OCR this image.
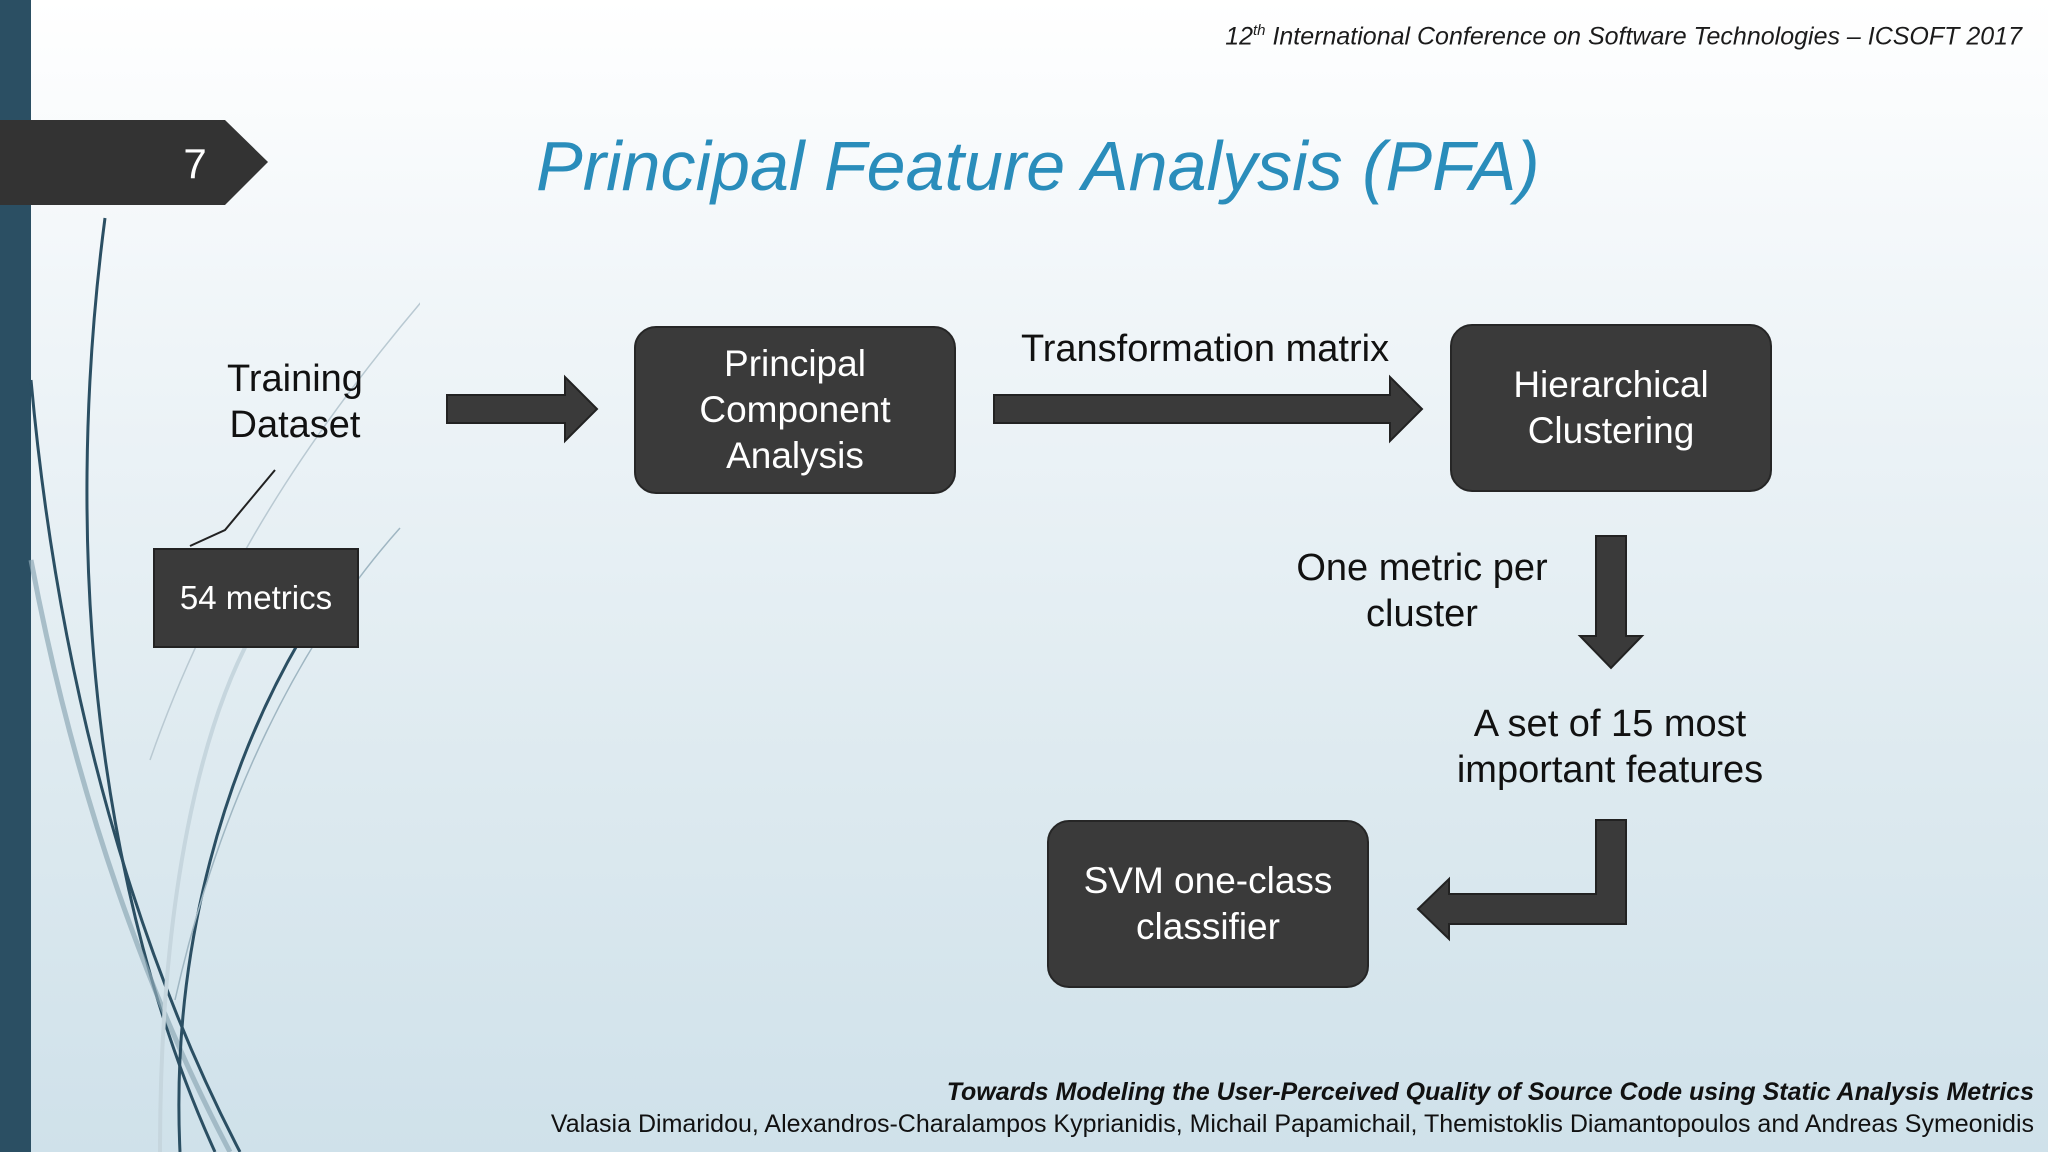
12th International Conference on Software Technologies – ICSOFT 2017
7	Principal Feature Analysis (PFA)
Training
Dataset
54 metrics
Principal
Component
Analysis
Transformation matrix
Hierarchical
Clustering
One metric per
cluster
A set of 15 most
important features
SVM one-class
classifier
Towards Modeling the User-Perceived Quality of Source Code using Static Analysis Metrics
Valasia Dimaridou, Alexandros-Charalampos Kyprianidis, Michail Papamichail, Themistoklis Diamantopoulos and Andreas Symeonidis
